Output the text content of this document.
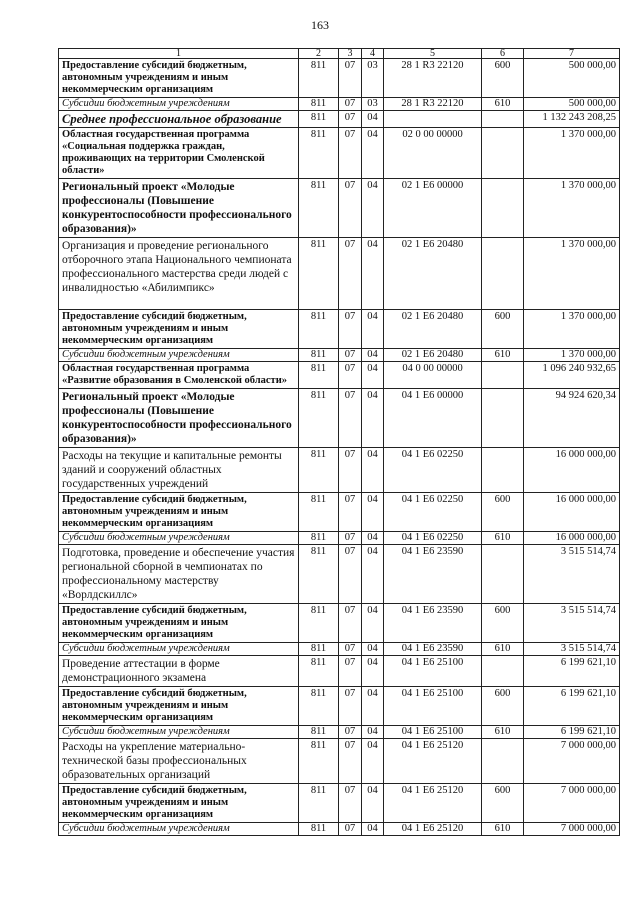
163
1	2	3	4	5	6	7
Предоставление субсидий бюджетным, автономным учреждениям и иным некоммерческим организациям	811	07	03	28 1 R3 22120	600	500 000,00
Субсидии бюджетным учреждениям	811	07	03	28 1 R3 22120	610	500 000,00
Среднее профессиональное образование	811	07	04			1 132 243 208,25
Областная государственная программа «Социальная поддержка граждан, проживающих на территории Смоленской области»	811	07	04	02 0 00 00000		1 370 000,00
Региональный проект «Молодые профессионалы (Повышение конкурентоспособности профессионального образования)»	811	07	04	02 1 Е6 00000		1 370 000,00
Организация и проведение регионального отборочного этапа Национального чемпионата профессионального мастерства среди людей с инвалидностью «Абилимпикс»	811	07	04	02 1 Е6 20480		1 370 000,00
Предоставление субсидий бюджетным, автономным учреждениям и иным некоммерческим организациям	811	07	04	02 1 Е6 20480	600	1 370 000,00
Субсидии бюджетным учреждениям	811	07	04	02 1 Е6 20480	610	1 370 000,00
Областная государственная программа «Развитие образования в Смоленской области»	811	07	04	04 0 00 00000		1 096 240 932,65
Региональный проект «Молодые профессионалы (Повышение конкурентоспособности профессионального образования)»	811	07	04	04 1 Е6 00000		94 924 620,34
Расходы на текущие и капитальные ремонты зданий и сооружений областных государственных учреждений	811	07	04	04 1 Е6 02250		16 000 000,00
Предоставление субсидий бюджетным, автономным учреждениям и иным некоммерческим организациям	811	07	04	04 1 Е6 02250	600	16 000 000,00
Субсидии бюджетным учреждениям	811	07	04	04 1 Е6 02250	610	16 000 000,00
Подготовка, проведение и обеспечение участия региональной сборной в чемпионатах по профессиональному мастерству «Ворлдскиллс»	811	07	04	04 1 Е6 23590		3 515 514,74
Предоставление субсидий бюджетным, автономным учреждениям и иным некоммерческим организациям	811	07	04	04 1 Е6 23590	600	3 515 514,74
Субсидии бюджетным учреждениям	811	07	04	04 1 Е6 23590	610	3 515 514,74
Проведение аттестации в форме демонстрационного экзамена	811	07	04	04 1 Е6 25100		6 199 621,10
Предоставление субсидий бюджетным, автономным учреждениям и иным некоммерческим организациям	811	07	04	04 1 Е6 25100	600	6 199 621,10
Субсидии бюджетным учреждениям	811	07	04	04 1 Е6 25100	610	6 199 621,10
Расходы на укрепление материально-технической базы профессиональных образовательных организаций	811	07	04	04 1 Е6 25120		7 000 000,00
Предоставление субсидий бюджетным, автономным учреждениям и иным некоммерческим организациям	811	07	04	04 1 Е6 25120	600	7 000 000,00
Субсидии бюджетным учреждениям	811	07	04	04 1 Е6 25120	610	7 000 000,00
